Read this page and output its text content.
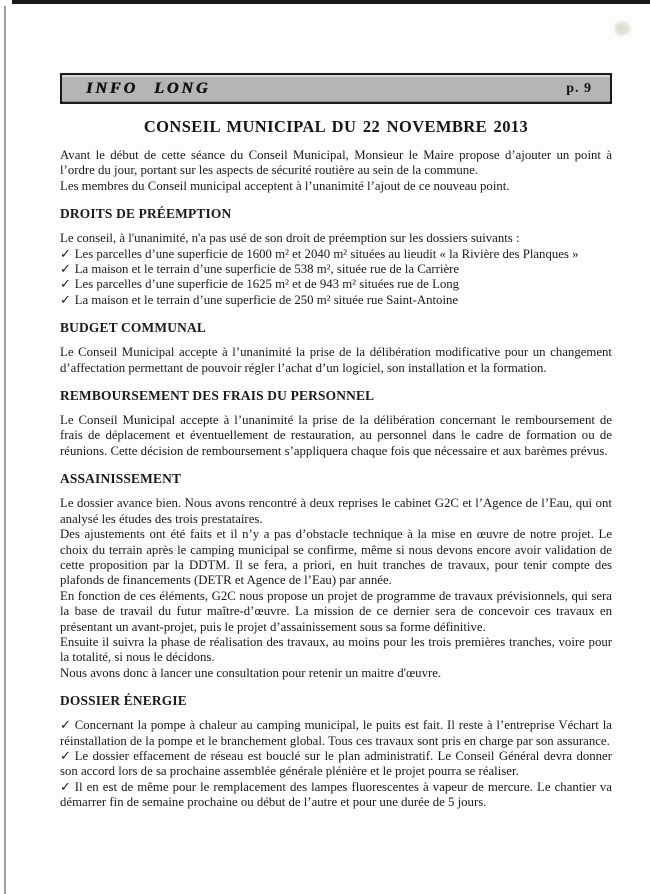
INFO LONG	p. 9
CONSEIL MUNICIPAL DU 22 NOVEMBRE 2013

Avant le début de cette séance du Conseil Municipal, Monsieur le Maire propose d’ajouter un point à l’ordre du jour, portant sur les aspects de sécurité routière au sein de la commune.

Les membres du Conseil municipal acceptent à l’unanimité l’ajout de ce nouveau point.

DROITS DE PRÉEMPTION

Le conseil, à l'unanimité, n'a pas usé de son droit de préemption sur les dossiers suivants :

✓ Les parcelles d’une superficie de 1600 m² et 2040 m² situées au lieudit « la Rivière des Planques »

✓ La maison et le terrain d’une superficie de 538 m², située rue de la Carrière

✓ Les parcelles d’une superficie de 1625 m² et de 943 m² situées rue de Long

✓ La maison et le terrain d’une superficie de 250 m² située rue Saint-Antoine

BUDGET COMMUNAL

Le Conseil Municipal accepte à l’unanimité la prise de la délibération modificative pour un changement d’affectation permettant de pouvoir régler l’achat d’un logiciel, son installation et la formation.

REMBOURSEMENT DES FRAIS DU PERSONNEL

Le Conseil Municipal accepte à l’unanimité la prise de la délibération concernant le remboursement de frais de déplacement et éventuellement de restauration, au personnel dans le cadre de formation ou de réunions. Cette décision de remboursement s’appliquera chaque fois que nécessaire et aux barèmes prévus.

ASSAINISSEMENT

Le dossier avance bien. Nous avons rencontré à deux reprises le cabinet G2C et l’Agence de l’Eau, qui ont analysé les études des trois prestataires.

Des ajustements ont été faits et il n’y a pas d’obstacle technique à la mise en œuvre de notre projet. Le choix du terrain après le camping municipal se confirme, même si nous devons encore avoir validation de cette proposition par la DDTM. Il se fera, a priori, en huit tranches de travaux, pour tenir compte des plafonds de financements (DETR et Agence de l’Eau) par année.

En fonction de ces éléments, G2C nous propose un projet de programme de travaux prévisionnels, qui sera la base de travail du futur maître-d’œuvre. La mission de ce dernier sera de concevoir ces travaux en présentant un avant-projet, puis le projet d’assainissement sous sa forme définitive.

Ensuite il suivra la phase de réalisation des travaux, au moins pour les trois premières tranches, voire pour la totalité, si nous le décidons.

Nous avons donc à lancer une consultation pour retenir un maitre d'œuvre.

DOSSIER ÉNERGIE

✓ Concernant la pompe à chaleur au camping municipal, le puits est fait. Il reste à l’entreprise Véchart la réinstallation de la pompe et le branchement global. Tous ces travaux sont pris en charge par son assurance.

✓ Le dossier effacement de réseau est bouclé sur le plan administratif. Le Conseil Général devra donner son accord lors de sa prochaine assemblée générale plénière et le projet pourra se réaliser.

✓ Il en est de même pour le remplacement des lampes fluorescentes à vapeur de mercure. Le chantier va démarrer fin de semaine prochaine ou début de l’autre et pour une durée de 5 jours.
